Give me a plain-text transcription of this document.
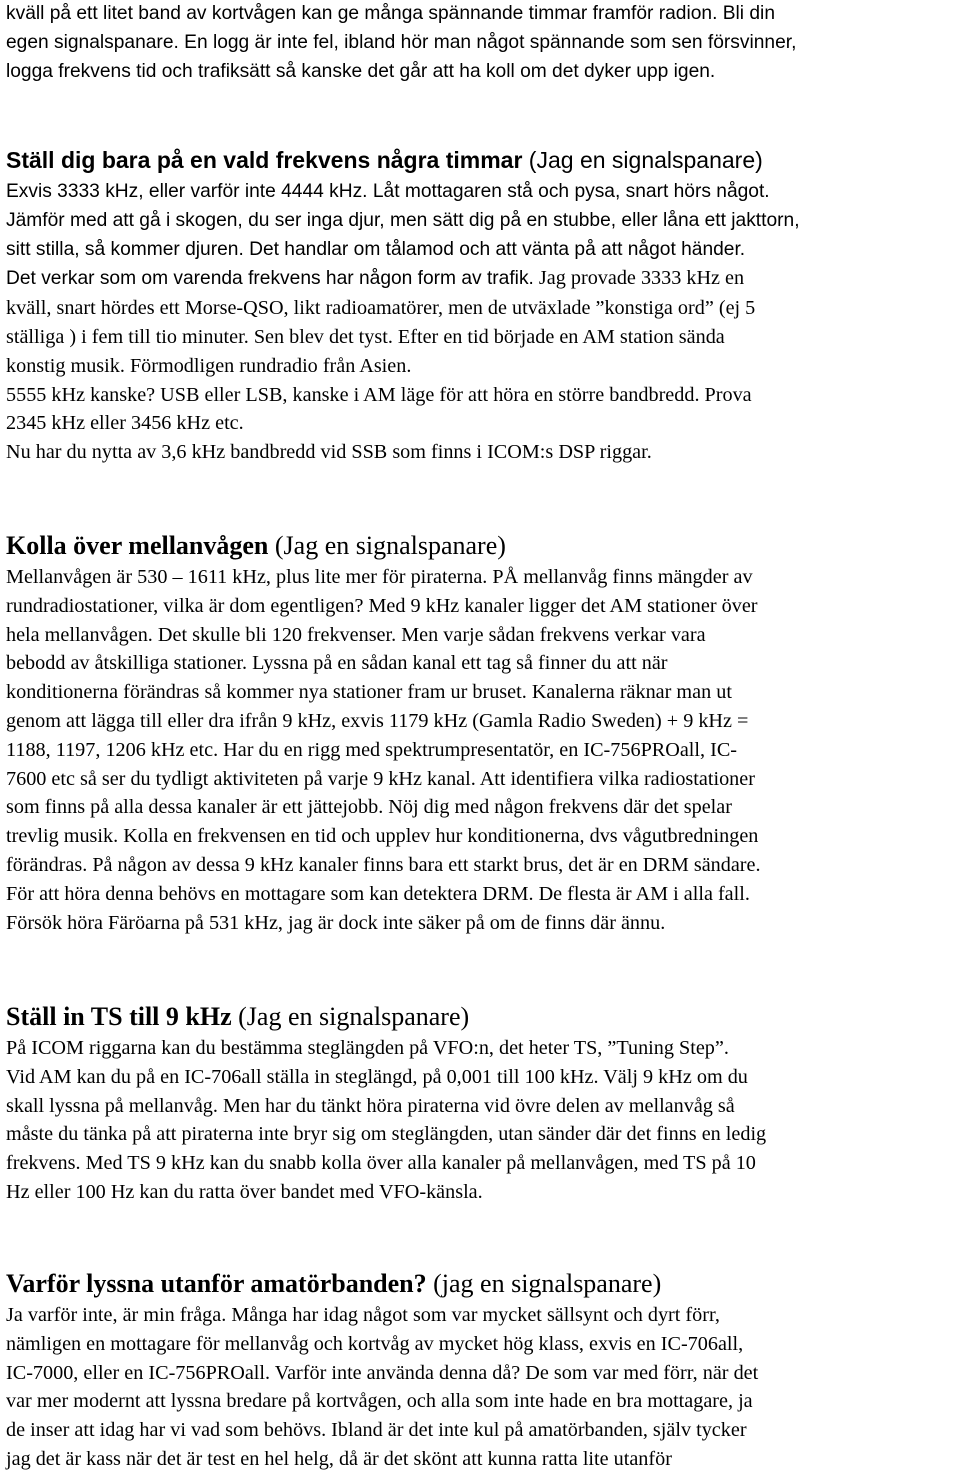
kväll på ett litet band av kortvågen kan ge många spännande timmar framför radion. Bli din
egen signalspanare. En logg är inte fel, ibland hör man något spännande som sen försvinner,
logga frekvens tid och trafiksätt så kanske det går att ha koll om det dyker upp igen.
Ställ dig bara på en vald frekvens några timmar (Jag en signalspanare)
Exvis 3333 kHz, eller varför inte 4444 kHz. Låt mottagaren stå och pysa, snart hörs något.
Jämför med att gå i skogen, du ser inga djur, men sätt dig på en stubbe, eller låna ett jakttorn,
sitt stilla, så kommer djuren. Det handlar om tålamod och att vänta på att något händer.
Det verkar som om varenda frekvens har någon form av trafik. Jag provade 3333 kHz en
kväll, snart hördes ett Morse-QSO, likt radioamatörer, men de utväxlade ”konstiga ord” (ej 5
ställiga ) i fem till tio minuter. Sen blev det tyst. Efter en tid började en AM station sända
konstig musik. Förmodligen rundradio från Asien.
5555 kHz kanske? USB eller LSB, kanske i AM läge för att höra en större bandbredd. Prova
2345 kHz eller 3456 kHz etc.
Nu har du nytta av 3,6 kHz bandbredd vid SSB som finns i ICOM:s DSP riggar.
Kolla över mellanvågen (Jag en signalspanare)
Mellanvågen är 530 – 1611 kHz, plus lite mer för piraterna. PÅ mellanvåg finns mängder av
rundradiostationer, vilka är dom egentligen? Med 9 kHz kanaler ligger det AM stationer över
hela mellanvågen. Det skulle bli 120 frekvenser. Men varje sådan frekvens verkar vara
bebodd av åtskilliga stationer. Lyssna på en sådan kanal ett tag så finner du att när
konditionerna förändras så kommer nya stationer fram ur bruset. Kanalerna räknar man ut
genom att lägga till eller dra ifrån 9 kHz, exvis 1179 kHz (Gamla Radio Sweden) + 9 kHz =
1188, 1197, 1206 kHz etc. Har du en rigg med spektrumpresentatör, en IC-756PROall, IC-
7600 etc så ser du tydligt aktiviteten på varje 9 kHz kanal. Att identifiera vilka radiostationer
som finns på alla dessa kanaler är ett jättejobb. Nöj dig med någon frekvens där det spelar
trevlig musik. Kolla en frekvensen en tid och upplev hur konditionerna, dvs vågutbredningen
förändras. På någon av dessa 9 kHz kanaler finns bara ett starkt brus, det är en DRM sändare.
För att höra denna behövs en mottagare som kan detektera DRM. De flesta är AM i alla fall.
Försök höra Färöarna på 531 kHz, jag är dock inte säker på om de finns där ännu.
Ställ in TS till 9 kHz (Jag en signalspanare)
På ICOM riggarna kan du bestämma steglängden på VFO:n, det heter TS, ”Tuning Step”.
Vid AM kan du på en IC-706all ställa in steglängd, på 0,001 till 100 kHz. Välj 9 kHz om du
skall lyssna på mellanvåg. Men har du tänkt höra piraterna vid övre delen av mellanvåg så
måste du tänka på att piraterna inte bryr sig om steglängden, utan sänder där det finns en ledig
frekvens. Med TS 9 kHz kan du snabb kolla över alla kanaler på mellanvågen, med TS på 10
Hz eller 100 Hz kan du ratta över bandet med VFO-känsla.
Varför lyssna utanför amatörbanden? (jag en signalspanare)
Ja varför inte, är min fråga. Många har idag något som var mycket sällsynt och dyrt förr,
nämligen en mottagare för mellanvåg och kortvåg av mycket hög klass, exvis en IC-706all,
IC-7000, eller en IC-756PROall. Varför inte använda denna då? De som var med förr, när det
var mer modernt att lyssna bredare på kortvågen, och alla som inte hade en bra mottagare, ja
de inser att idag har vi vad som behövs. Ibland är det inte kul på amatörbanden, själv tycker
jag det är kass när det är test en hel helg, då är det skönt att kunna ratta lite utanför
